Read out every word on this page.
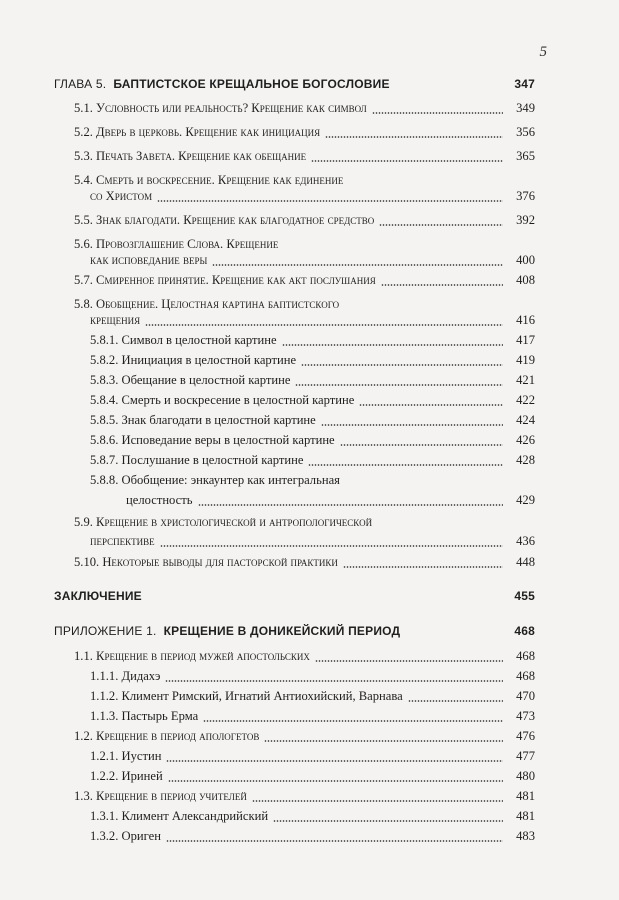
5
ГЛАВА 5. БАПТИСТСКОЕ КРЕЩАЛЬНОЕ БОГОСЛОВИЕ	347
5.1. Условность или реальность? Крещение как символ	349
5.2. Дверь в церковь. Крещение как инициация	356
5.3. Печать Завета. Крещение как обещание	365
5.4. Смерть и воскресение. Крещение как единение
со Христом	376
5.5. Знак благодати. Крещение как благодатное средство	392
5.6. Провозглашение Слова. Крещение
как исповедание веры	400
5.7. Смиренное принятие. Крещение как акт послушания	408
5.8. Обобщение. Целостная картина баптистского
крещения	416
5.8.1. Символ в целостной картине	417
5.8.2. Инициация в целостной картине	419
5.8.3. Обещание в целостной картине	421
5.8.4. Смерть и воскресение в целостной картине	422
5.8.5. Знак благодати в целостной картине	424
5.8.6. Исповедание веры в целостной картине	426
5.8.7. Послушание в целостной картине	428
5.8.8. Обобщение: энкаунтер как интегральная
целостность	429
5.9. Крещение в христологической и антропологической
перспективе	436
5.10. Некоторые выводы для пасторской практики	448
ЗАКЛЮЧЕНИЕ	455
ПРИЛОЖЕНИЕ 1. КРЕЩЕНИЕ В ДОНИКЕЙСКИЙ ПЕРИОД	468
1.1. Крещение в период мужей апостольских	468
1.1.1. Дидахэ	468
1.1.2. Климент Римский, Игнатий Антиохийский, Варнава	470
1.1.3. Пастырь Ерма	473
1.2. Крещение в период апологетов	476
1.2.1. Иустин	477
1.2.2. Ириней	480
1.3. Крещение в период учителей	481
1.3.1. Климент Александрийский	481
1.3.2. Ориген	483
